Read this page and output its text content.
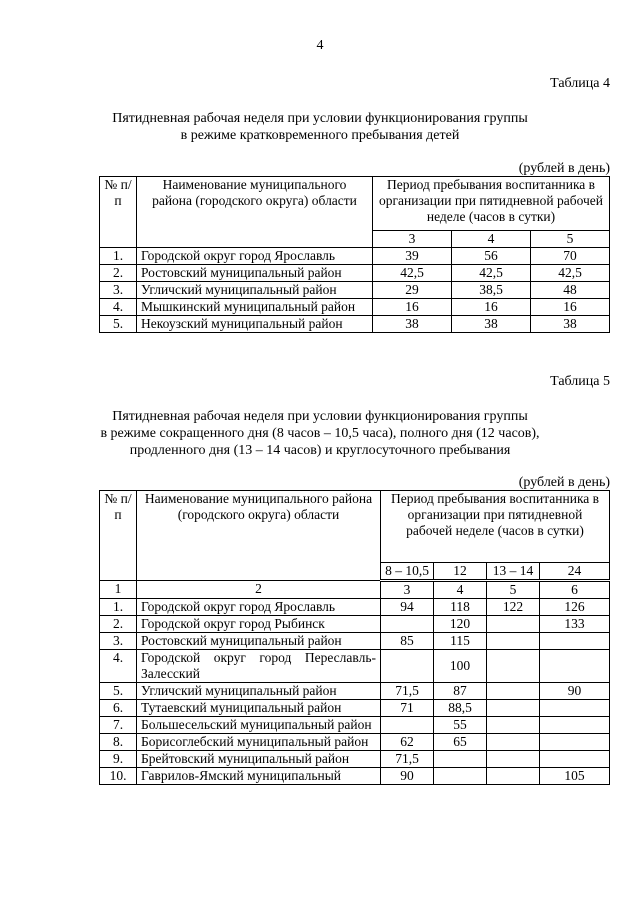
4
Таблица 4
Пятидневная рабочая неделя при условии функционирования группы
в режиме кратковременного пребывания детей
(рублей в день)
№ п/п	Наименование муниципального района (городского округа) области	Период пребывания воспитанника в организации при пятидневной рабочей неделе (часов в сутки)		
		3	4	5
1.	Городской округ город Ярославль	39	56	70
2.	Ростовский муниципальный район	42,5	42,5	42,5
3.	Угличский муниципальный район	29	38,5	48
4.	Мышкинский муниципальный район	16	16	16
5.	Некоузский муниципальный район	38	38	38
Таблица 5
Пятидневная рабочая неделя при условии функционирования группы
в режиме сокращенного дня (8 часов – 10,5 часа), полного дня (12 часов),
продленного дня (13 – 14 часов) и круглосуточного пребывания
(рублей в день)
№ п/п	Наименование муниципального района (городского округа) области	Период пребывания воспитанника в организации при пятидневной рабочей неделе (часов в сутки)			
		8 – 10,5	12	13 – 14	24
1	2	3	4	5	6
1.	Городской округ город Ярославль	94	118	122	126
2.	Городской округ город Рыбинск		120		133
3.	Ростовский муниципальный район	85	115		
4.	Городской округ город Переславль-Залесский		100		
5.	Угличский муниципальный район	71,5	87		90
6.	Тутаевский муниципальный район	71	88,5		
7.	Большесельский муниципальный район		55		
8.	Борисоглебский муниципальный район	62	65		
9.	Брейтовский муниципальный район	71,5			
10.	Гаврилов-Ямский муниципальный	90			105
